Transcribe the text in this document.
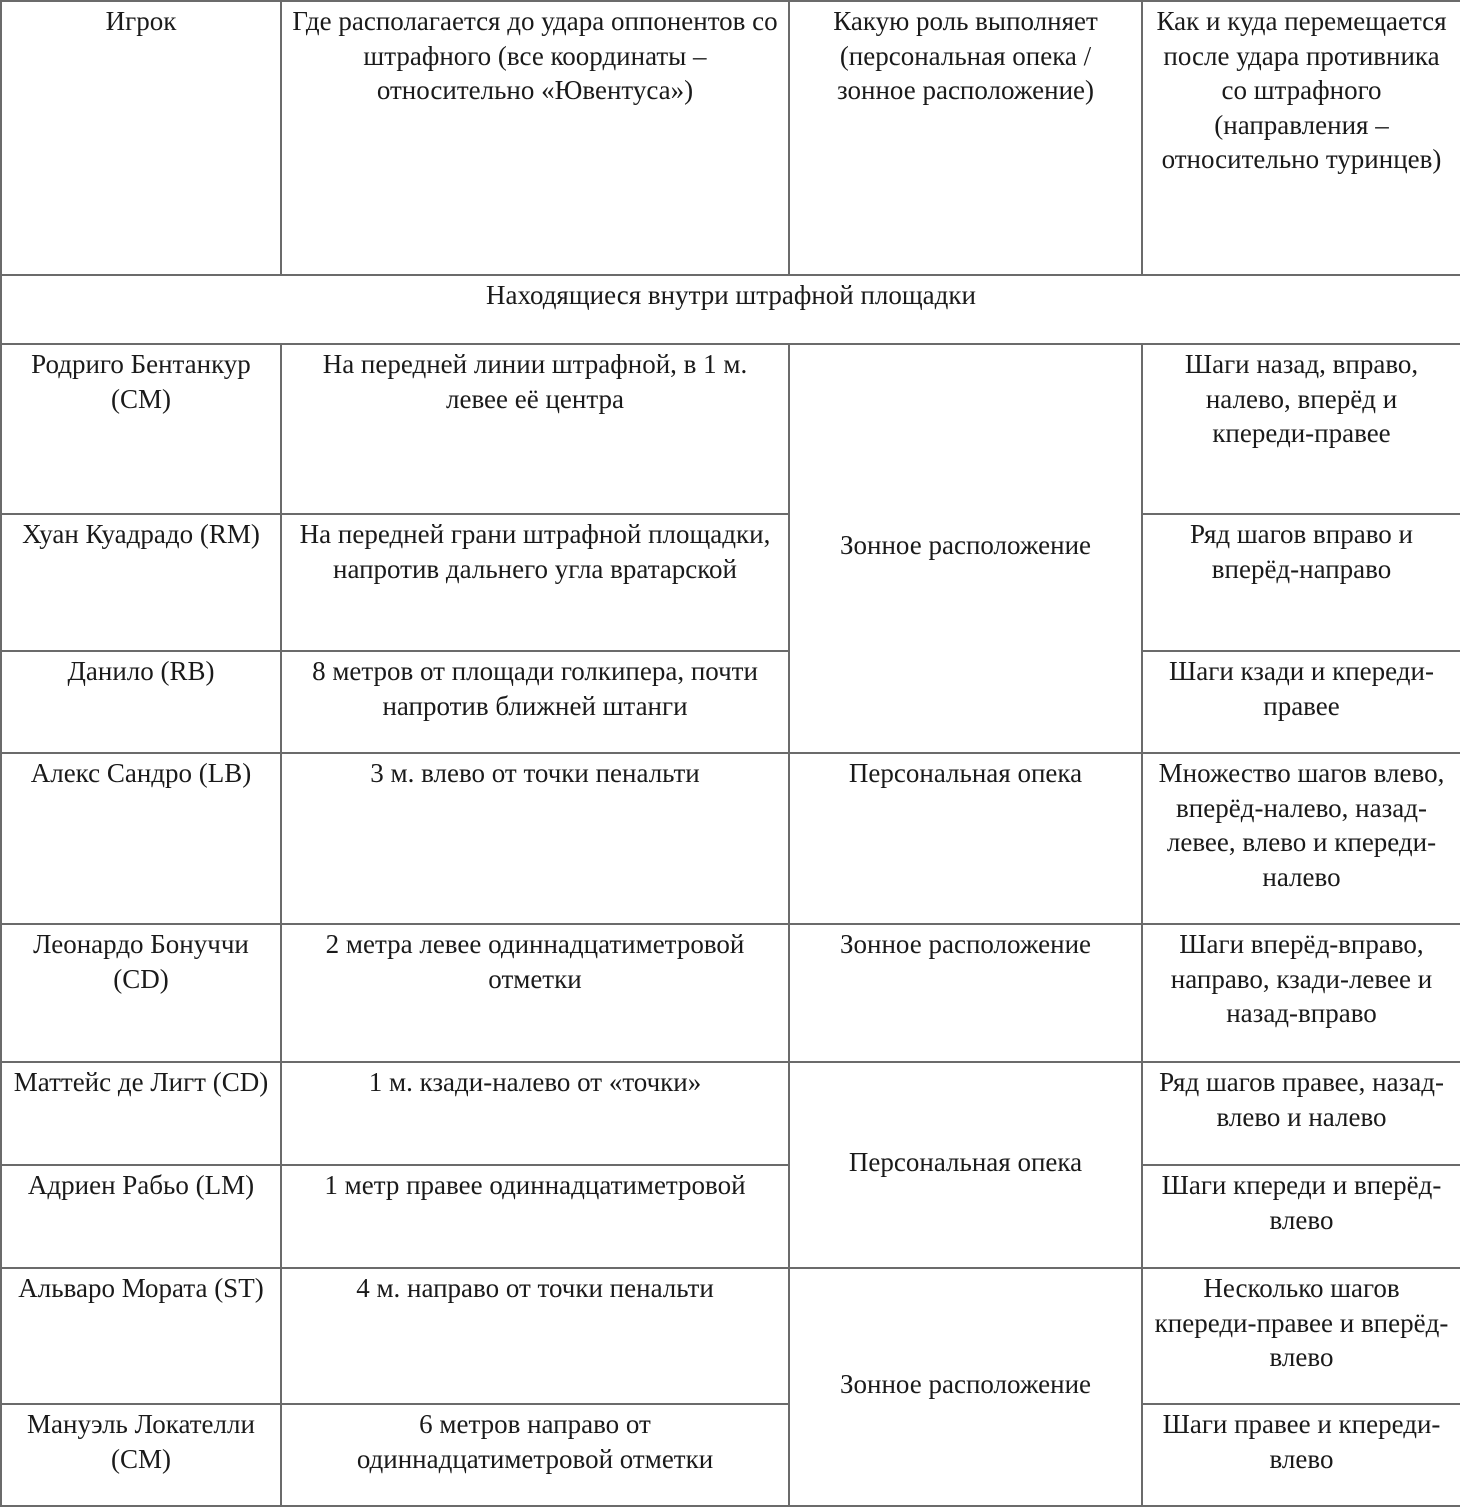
Игрок	Где располагается до удара оппонентов со штрафного (все координаты – относительно «Ювентуса»)	Какую роль выполняет (персональная опека / зонное расположение)	Как и куда перемещается после удара противника со штрафного (направления – относительно туринцев)
Находящиеся внутри штрафной площадки			
Родриго Бентанкур (CM)	На передней линии штрафной, в 1 м. левее её центра	Зонное расположение	Шаги назад, вправо, налево, вперёд и кпереди-правее
Хуан Куадрадо (RM)	На передней грани штрафной площадки, напротив дальнего угла вратарской		Ряд шагов вправо и вперёд-направо
Данило (RB)	8 метров от площади голкипера, почти напротив ближней штанги		Шаги кзади и кпереди-правее
Алекс Сандро (LB)	3 м. влево от точки пенальти	Персональная опека	Множество шагов влево, вперёд-налево, назад-левее, влево и кпереди-налево
Леонардо Бонуччи (CD)	2 метра левее одиннадцатиметровой отметки	Зонное расположение	Шаги вперёд-вправо, направо, кзади-левее и назад-вправо
Маттейс де Лигт (CD)	1 м. кзади-налево от «точки»	Персональная опека	Ряд шагов правее, назад-влево и налево
Адриен Рабьо (LM)	1 метр правее одиннадцатиметровой		Шаги кпереди и вперёд-влево
Альваро Мората (ST)	4 м. направо от точки пенальти	Зонное расположение	Несколько шагов кпереди-правее и вперёд-влево
Мануэль Локателли (CM)	6 метров направо от одиннадцатиметровой отметки		Шаги правее и кпереди-влево
